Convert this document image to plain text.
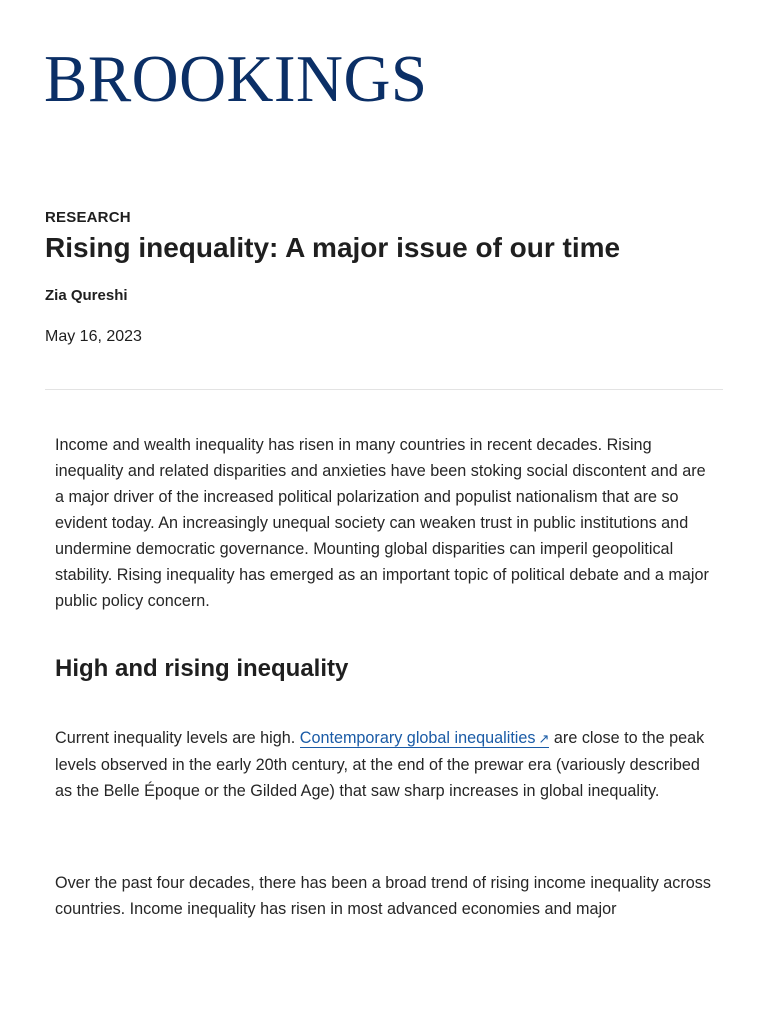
BROOKINGS
RESEARCH
Rising inequality: A major issue of our time
Zia Qureshi
May 16, 2023

Income and wealth inequality has risen in many countries in recent decades. Rising inequality and related disparities and anxieties have been stoking social discontent and are a major driver of the increased political polarization and populist nationalism that are so evident today. An increasingly unequal society can weaken trust in public institutions and undermine democratic governance. Mounting global disparities can imperil geopolitical stability. Rising inequality has emerged as an important topic of political debate and a major public policy concern.

High and rising inequality

Current inequality levels are high. Contemporary global inequalities ↗ are close to the peak levels observed in the early 20th century, at the end of the prewar era (variously described as the Belle Époque or the Gilded Age) that saw sharp increases in global inequality.

Over the past four decades, there has been a broad trend of rising income inequality across countries. Income inequality has risen in most advanced economies and major
